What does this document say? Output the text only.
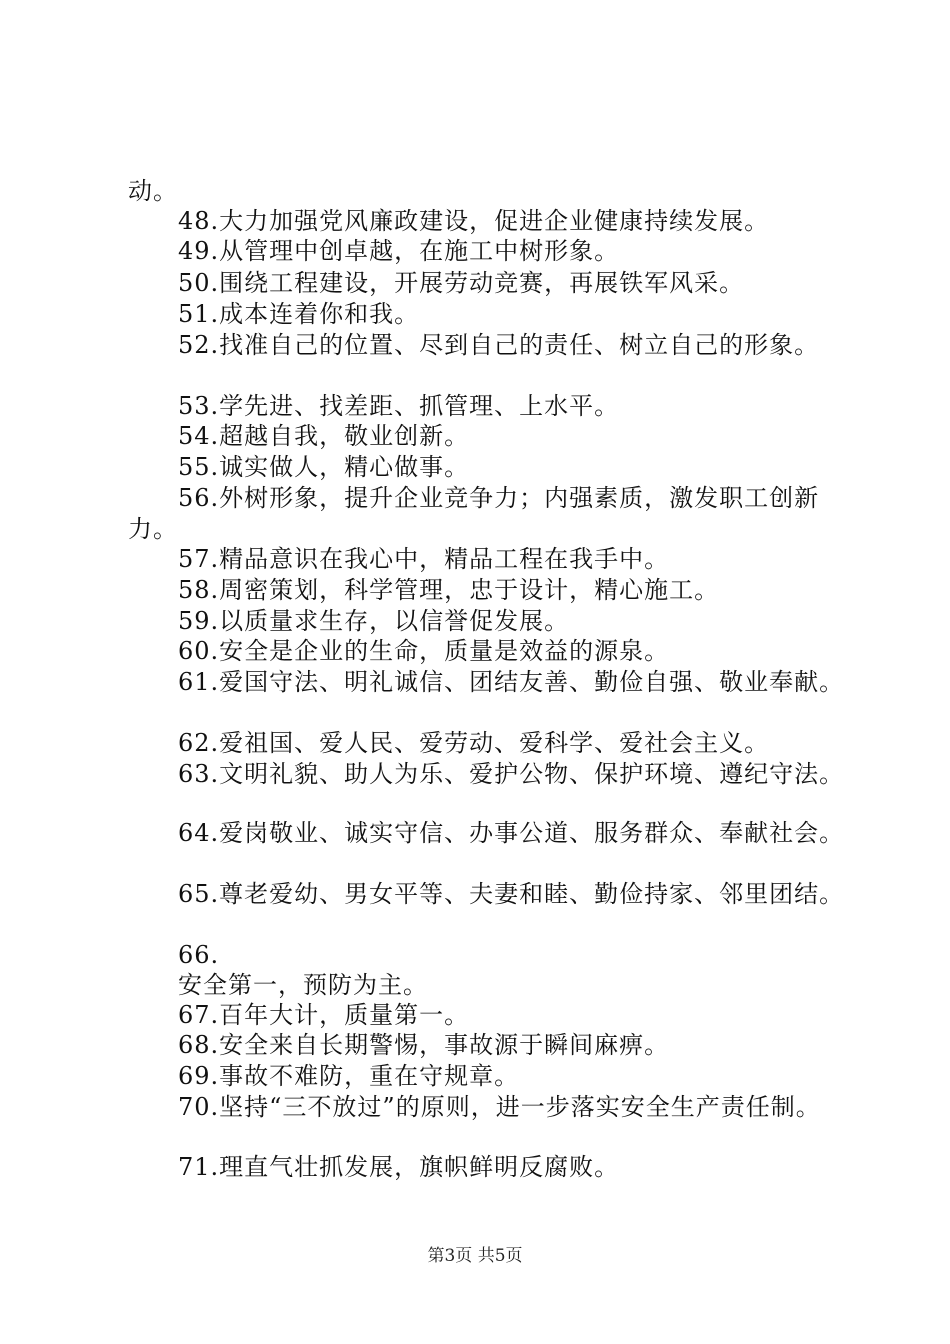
动。
48.大力加强党风廉政建设，促进企业健康持续发展。
49.从管理中创卓越，在施工中树形象。
50.围绕工程建设，开展劳动竞赛，再展铁军风采。
51.成本连着你和我。
52.找准自己的位置、尽到自己的责任、树立自己的形象。
53.学先进、找差距、抓管理、上水平。
54.超越自我，敬业创新。
55.诚实做人，精心做事。
56.外树形象，提升企业竞争力；内强素质，激发职工创新
力。
57.精品意识在我心中，精品工程在我手中。
58.周密策划，科学管理，忠于设计，精心施工。
59.以质量求生存，以信誉促发展。
60.安全是企业的生命，质量是效益的源泉。
61.爱国守法、明礼诚信、团结友善、勤俭自强、敬业奉献。
62.爱祖国、爱人民、爱劳动、爱科学、爱社会主义。
63.文明礼貌、助人为乐、爱护公物、保护环境、遵纪守法。
64.爱岗敬业、诚实守信、办事公道、服务群众、奉献社会。
65.尊老爱幼、男女平等、夫妻和睦、勤俭持家、邻里团结。
66.
安全第一，预防为主。
67.百年大计，质量第一。
68.安全来自长期警惕，事故源于瞬间麻痹。
69.事故不难防，重在守规章。
70.坚持“三不放过”的原则，进一步落实安全生产责任制。
71.理直气壮抓发展，旗帜鲜明反腐败。
第3页 共5页
